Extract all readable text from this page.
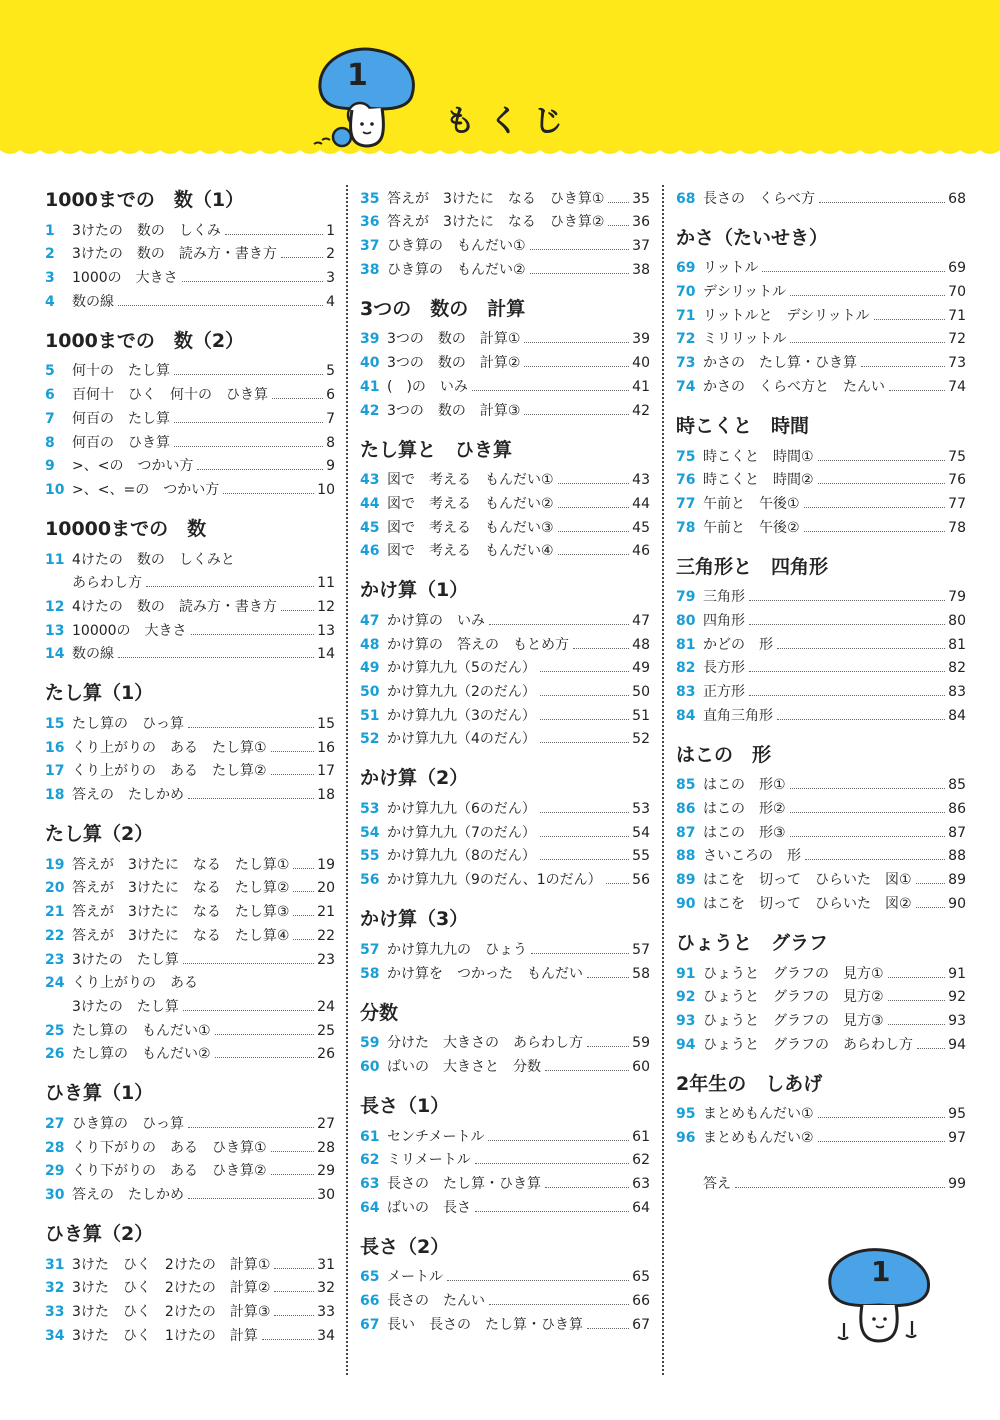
1
もくじ
1000までの　数（1）
1	3けたの　数の　しくみ	1
2	3けたの　数の　読み方・書き方	2
3	1000の　大きさ	3
4	数の線	4
1000までの　数（2）
5	何十の　たし算	5
6	百何十　ひく　何十の　ひき算	6
7	何百の　たし算	7
8	何百の　ひき算	8
9	>、<の　つかい方	9
10 >、<、=の　つかい方	10
10000までの　数
11 4けたの　数の　しくみと
あらわし方	11
12 4けたの　数の　読み方・書き方	12
13 10000の　大きさ	13
14 数の線	14
たし算（1）
15 たし算の　ひっ算	15
16 くり上がりの　ある　たし算①	16
17 くり上がりの　ある　たし算②	17
18 答えの　たしかめ	18
たし算（2）
19 答えが　3けたに　なる　たし算① 19
20 答えが　3けたに　なる　たし算② 20
21 答えが　3けたに　なる　たし算③ 21
22 答えが　3けたに　なる　たし算④ 22
23 3けたの　たし算	23
24 くり上がりの　ある
3けたの　たし算	24
25 たし算の　もんだい①	25
26 たし算の　もんだい②	26
ひき算（1）
27 ひき算の　ひっ算	27
28 くり下がりの　ある　ひき算①	28
29 くり下がりの　ある　ひき算②	29
30 答えの　たしかめ	30
ひき算（2）
31 3けた　ひく　2けたの　計算①	31
32 3けた　ひく　2けたの　計算②	32
33 3けた　ひく　2けたの　計算③	33
34 3けた　ひく　1けたの　計算	34
35 答えが　3けたに　なる　ひき算① 35
36 答えが　3けたに　なる　ひき算② 36
37 ひき算の　もんだい①	37
38 ひき算の　もんだい②	38
3つの　数の　計算
39 3つの　数の　計算①	39
40 3つの　数の　計算②	40
41 (　)の　いみ	41
42 3つの　数の　計算③	42
たし算と　ひき算
43 図で　考える　もんだい①	43
44 図で　考える　もんだい②	44
45 図で　考える　もんだい③	45
46 図で　考える　もんだい④	46
かけ算（1）
47 かけ算の　いみ	47
48 かけ算の　答えの　もとめ方	48
49 かけ算九九（5のだん）	49
50 かけ算九九（2のだん）	50
51 かけ算九九（3のだん）	51
52 かけ算九九（4のだん）	52
かけ算（2）
53 かけ算九九（6のだん）	53
54 かけ算九九（7のだん）	54
55 かけ算九九（8のだん）	55
56 かけ算九九（9のだん、1のだん） 56
かけ算（3）
57 かけ算九九の　ひょう	57
58 かけ算を　つかった　もんだい	58
分数
59 分けた　大きさの　あらわし方	59
60 ばいの　大きさと　分数	60
長さ（1）
61 センチメートル	61
62 ミリメートル	62
63 長さの　たし算・ひき算	63
64 ばいの　長さ	64
長さ（2）
65 メートル	65
66 長さの　たんい	66
67 長い　長さの　たし算・ひき算	67
68 長さの　くらべ方	68
かさ（たいせき）
69 リットル	69
70 デシリットル	70
71 リットルと　デシリットル	71
72 ミリリットル	72
73 かさの　たし算・ひき算	73
74 かさの　くらべ方と　たんい	74
時こくと　時間
75 時こくと　時間①	75
76 時こくと　時間②	76
77 午前と　午後①	77
78 午前と　午後②	78
三角形と　四角形
79 三角形	79
80 四角形	80
81 かどの　形	81
82 長方形	82
83 正方形	83
84 直角三角形	84
はこの　形
85 はこの　形①	85
86 はこの　形②	86
87 はこの　形③	87
88 さいころの　形	88
89 はこを　切って　ひらいた　図①	89
90 はこを　切って　ひらいた　図②	90
ひょうと　グラフ
91 ひょうと　グラフの　見方①	91
92 ひょうと　グラフの　見方②	92
93 ひょうと　グラフの　見方③	93
94 ひょうと　グラフの　あらわし方	94
2年生の　しあげ
95 まとめもんだい①	95
96 まとめもんだい②	97
答え	99
1
